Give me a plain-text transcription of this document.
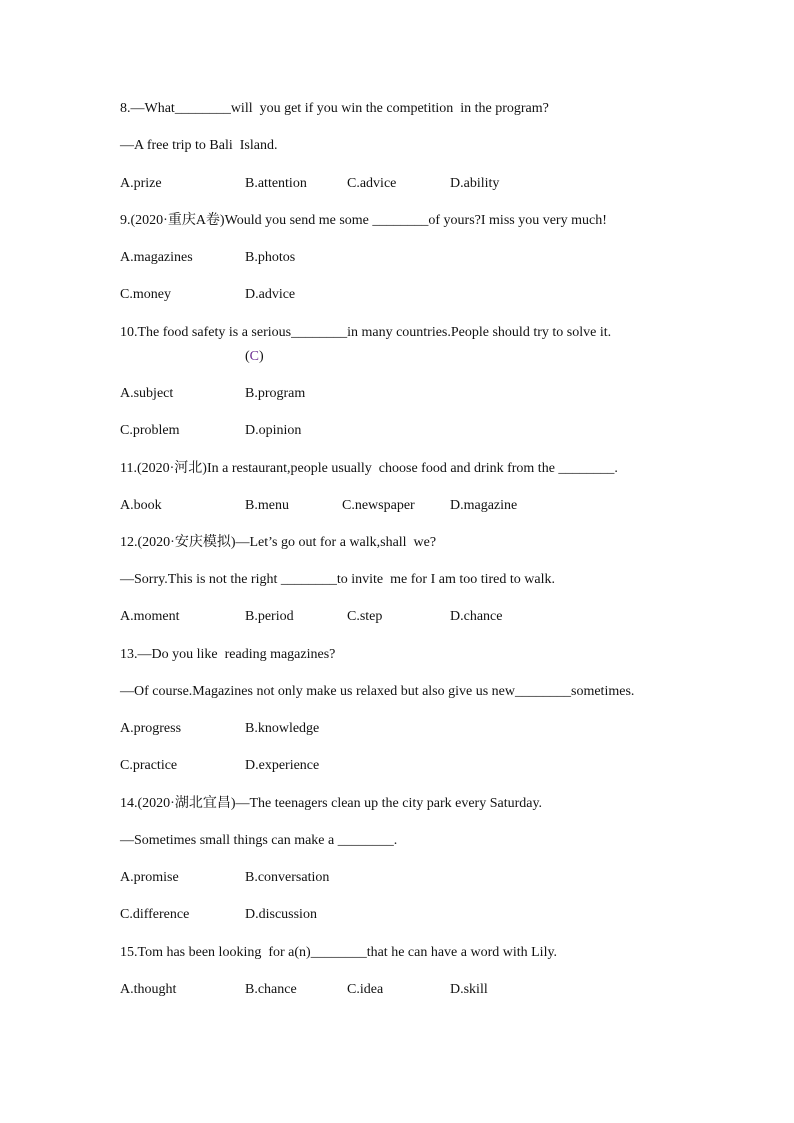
8.—What________will  you get if you win the competition  in the program?
—A free trip to Bali  Island.
A.prize	B.attention	C.advice	D.ability
9.(2020·重庆A卷)Would you send me some ________of yours?I miss you very much!
A.magazines	B.photos
C.money	D.advice
10.The food safety is a serious________in many countries.People should try to solve it.
(C)
A.subject	B.program
C.problem	D.opinion
11.(2020·河北)In a restaurant,people usually  choose food and drink from the ________.
A.book	B.menu	C.newspaper	D.magazine
12.(2020·安庆模拟)—Let’s go out for a walk,shall  we?
—Sorry.This is not the right ________to invite  me for I am too tired to walk.
A.moment	B.period	C.step	D.chance
13.—Do you like  reading magazines?
—Of course.Magazines not only make us relaxed but also give us new________sometimes.
A.progress	B.knowledge
C.practice	D.experience
14.(2020·湖北宜昌)—The teenagers clean up the city park every Saturday.
—Sometimes small things can make a ________.
A.promise	B.conversation
C.difference	D.discussion
15.Tom has been looking  for a(n)________that he can have a word with Lily.
A.thought	B.chance	C.idea	D.skill
